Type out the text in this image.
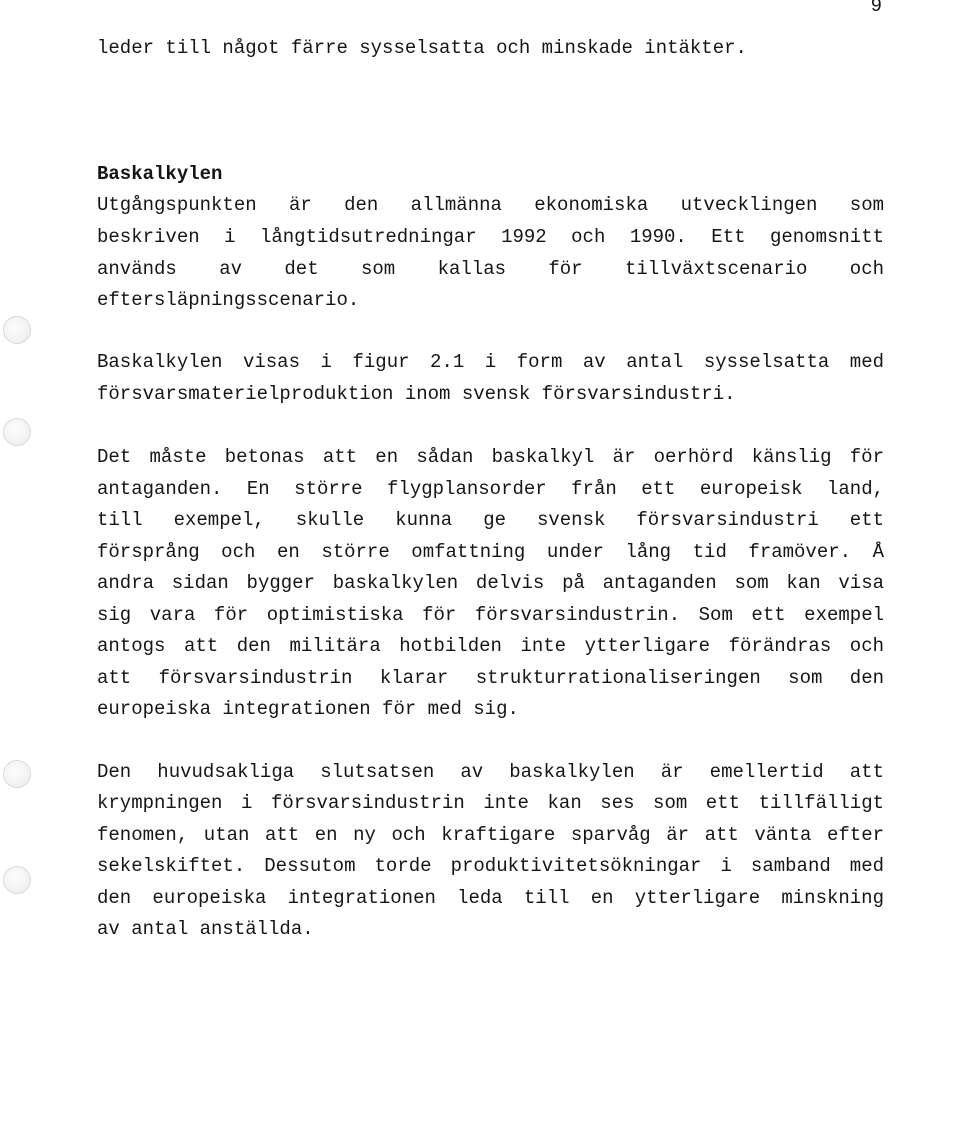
9
leder till något färre sysselsatta och minskade intäkter.
Baskalkylen
Utgångspunkten är den allmänna ekonomiska utvecklingen som
beskriven i långtidsutredningar 1992 och 1990. Ett genomsnitt
används av det som kallas för tillväxtscenario och
eftersläpningsscenario.
Baskalkylen visas i figur 2.1 i form av antal sysselsatta med
försvarsmaterielproduktion inom svensk försvarsindustri.
Det måste betonas att en sådan baskalkyl är oerhörd känslig för
antaganden. En större flygplansorder från ett europeisk land,
till exempel, skulle kunna ge svensk försvarsindustri ett
försprång och en större omfattning under lång tid framöver. Å
andra sidan bygger baskalkylen delvis på antaganden som kan visa
sig vara för optimistiska för försvarsindustrin. Som ett exempel
antogs att den militära hotbilden inte ytterligare förändras och
att försvarsindustrin klarar strukturrationaliseringen som den
europeiska integrationen för med sig.
Den huvudsakliga slutsatsen av baskalkylen är emellertid att
krympningen i försvarsindustrin inte kan ses som ett tillfälligt
fenomen, utan att en ny och kraftigare sparvåg är att vänta efter
sekelskiftet. Dessutom torde produktivitetsökningar i samband med
den europeiska integrationen leda till en ytterligare minskning
av antal anställda.
